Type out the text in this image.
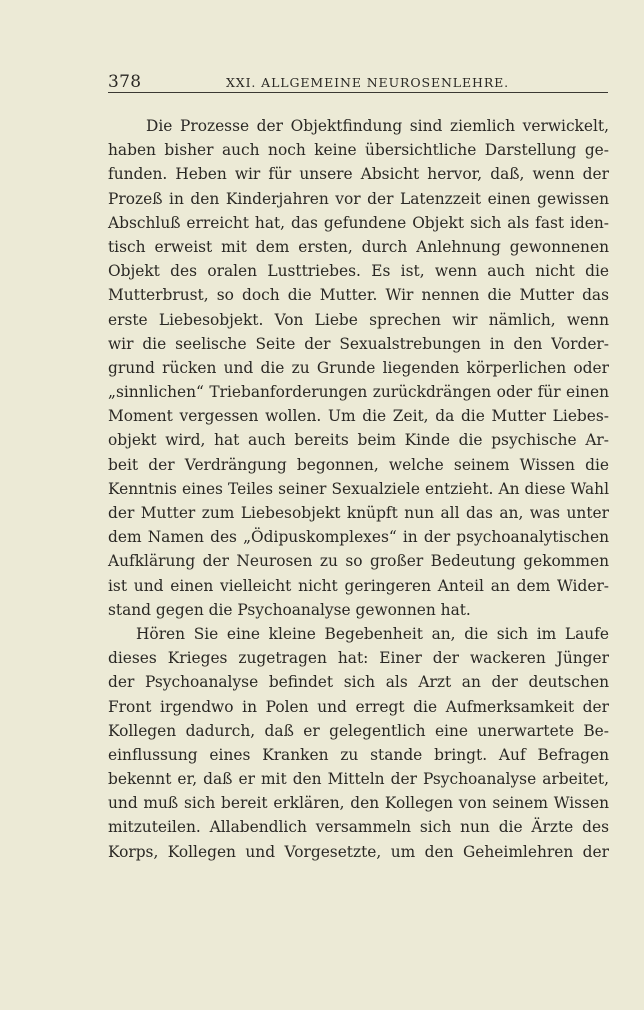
378	XXI. ALLGEMEINE NEUROSENLEHRE.
Die Prozesse der Objektfindung sind ziemlich verwickelt,
haben bisher auch noch keine übersichtliche Darstellung ge-
funden. Heben wir für unsere Absicht hervor, daß, wenn der
Prozeß in den Kinderjahren vor der Latenzzeit einen gewissen
Abschluß erreicht hat, das gefundene Objekt sich als fast iden-
tisch erweist mit dem ersten, durch Anlehnung gewonnenen
Objekt des oralen Lusttriebes. Es ist, wenn auch nicht die
Mutterbrust, so doch die Mutter. Wir nennen die Mutter das
erste Liebesobjekt. Von Liebe sprechen wir nämlich, wenn
wir die seelische Seite der Sexualstrebungen in den Vorder-
grund rücken und die zu Grunde liegenden körperlichen oder
„sinnlichen“ Triebanforderungen zurückdrängen oder für einen
Moment vergessen wollen. Um die Zeit, da die Mutter Liebes-
objekt wird, hat auch bereits beim Kinde die psychische Ar-
beit der Verdrängung begonnen, welche seinem Wissen die
Kenntnis eines Teiles seiner Sexualziele entzieht. An diese Wahl
der Mutter zum Liebesobjekt knüpft nun all das an, was unter
dem Namen des „Ödipuskomplexes“ in der psychoanalytischen
Aufklärung der Neurosen zu so großer Bedeutung gekommen
ist und einen vielleicht nicht geringeren Anteil an dem Wider-
stand gegen die Psychoanalyse gewonnen hat.
Hören Sie eine kleine Begebenheit an, die sich im Laufe
dieses Krieges zugetragen hat: Einer der wackeren Jünger
der Psychoanalyse befindet sich als Arzt an der deutschen
Front irgendwo in Polen und erregt die Aufmerksamkeit der
Kollegen dadurch, daß er gelegentlich eine unerwartete Be-
einflussung eines Kranken zu stande bringt. Auf Befragen
bekennt er, daß er mit den Mitteln der Psychoanalyse arbeitet,
und muß sich bereit erklären, den Kollegen von seinem Wissen
mitzuteilen. Allabendlich versammeln sich nun die Ärzte des
Korps, Kollegen und Vorgesetzte, um den Geheimlehren der
